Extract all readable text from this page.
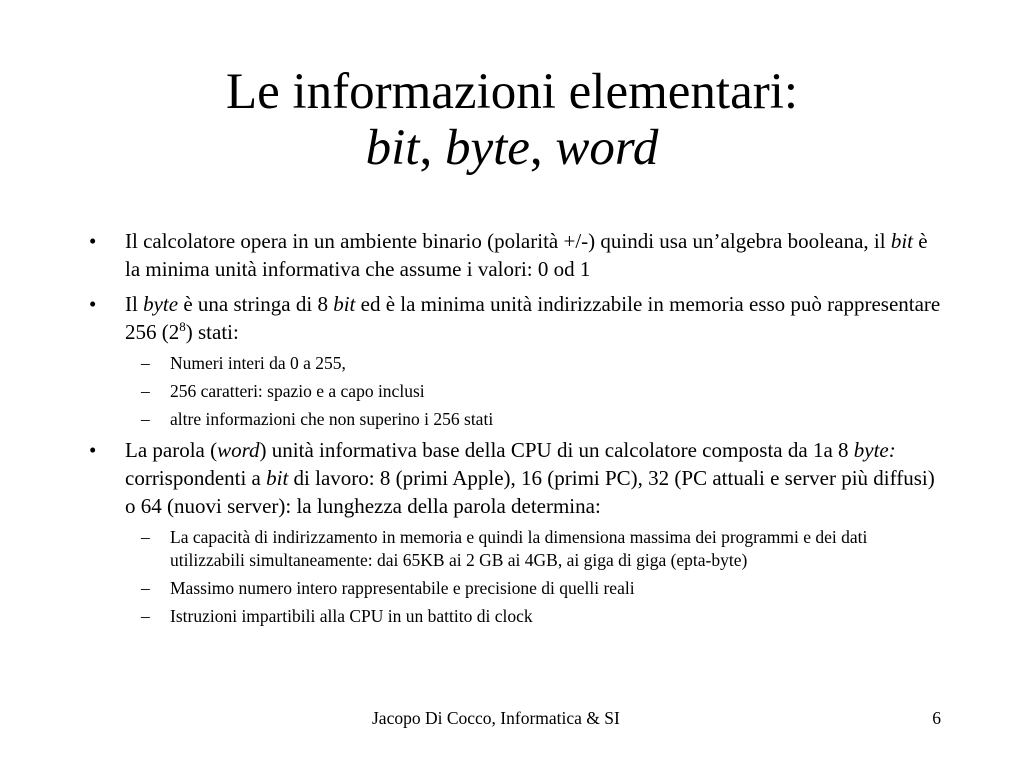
Le informazioni elementari:
bit, byte, word
• Il calcolatore opera in un ambiente binario (polarità +/-) quindi usa un’algebra booleana, il bit è la minima unità informativa che assume i valori: 0 od 1
• Il byte è una stringa di 8 bit ed è la minima unità indirizzabile in memoria esso può rappresentare 256 $(2^8)$ stati:
– Numeri interi da 0 a 255,
– 256 caratteri: spazio e a capo inclusi
– altre informazioni che non superino i 256 stati
• La parola (word) unità informativa base della CPU di un calcolatore composta da 1a 8 byte: corrispondenti a bit di lavoro: 8 (primi Apple), 16 (primi PC), 32 (PC attuali e server più diffusi) o 64 (nuovi server): la lunghezza della parola determina:
– La capacità di indirizzamento in memoria e quindi la dimensiona massima dei programmi e dei dati utilizzabili simultaneamente: dai 65KB ai 2 GB ai 4GB, ai giga di giga (epta-byte)
– Massimo numero intero rappresentabile e precisione di quelli reali
– Istruzioni impartibili alla CPU in un battito di clock
Jacopo Di Cocco, Informatica & SI	6
